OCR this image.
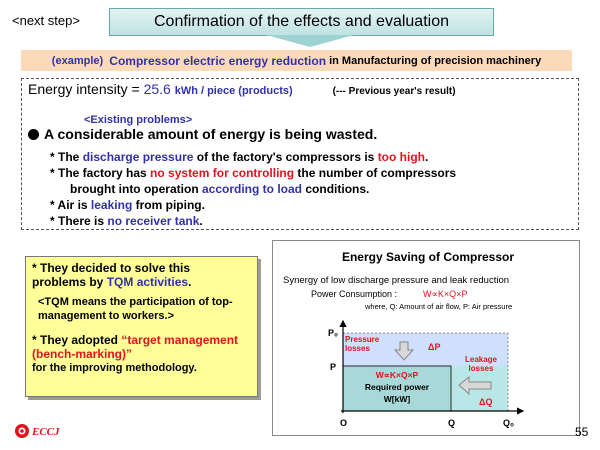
<next step>	Confirmation of the effects and evaluation
(example)
Compressor electric energy reduction
in Manufacturing of precision machinery
Energy intensity = 25.6 kWh / piece (products)	(--- Previous year's result)
<Existing problems>
A considerable amount of energy is being wasted.
* The discharge pressure of the factory's compressors is too high.
* The factory has no system for controlling the number of compressors
brought into operation according to load conditions.
* Air is leaking from piping.
* There is no receiver tank.
* They decided to solve this
problems by TQM activities.
<TQM means the participation of top-management to workers.>
* They adopted “target management (bench-marking)”
for the improving methodology.
Energy Saving of Compressor
Synergy of low discharge pressure and leak reduction
Power Consumption :	W∝K×Q×P
where, Q: Amount of air flow, P: Air pressure
P₀
P
O	Q	Q₀
Pressure losses	ΔP
Leakage losses
ΔQ
W∝K×Q×P
Required power
W[kW]
ECCJ	55
